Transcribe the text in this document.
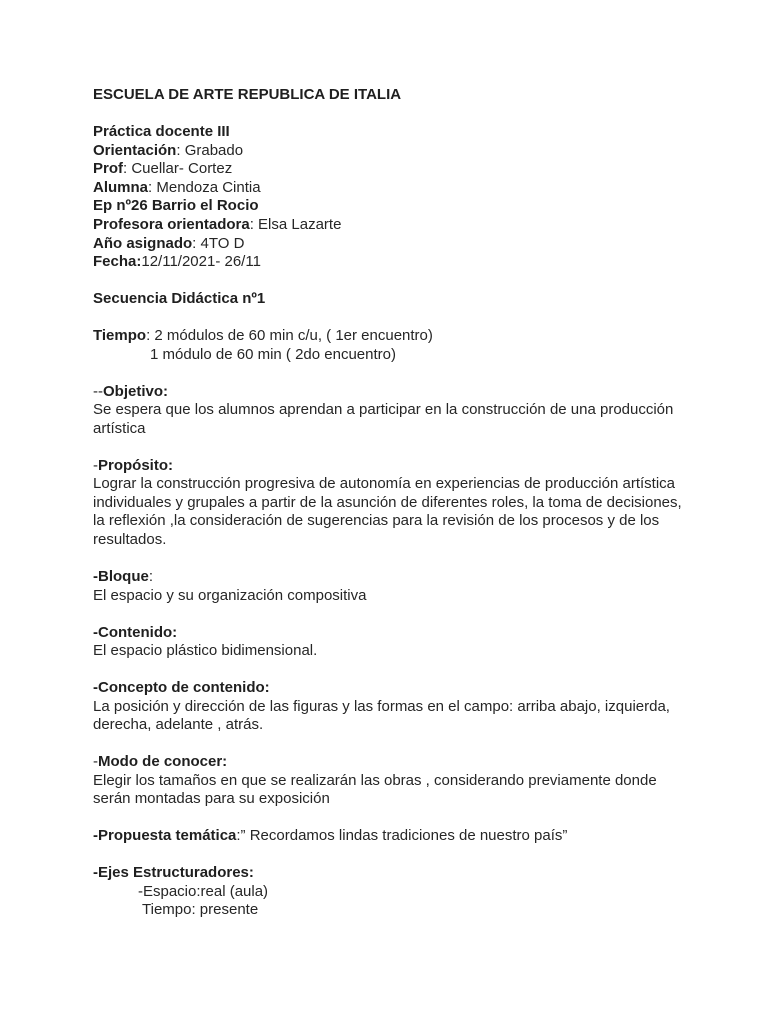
ESCUELA DE ARTE REPUBLICA DE ITALIA

Práctica docente III

Orientación: Grabado

Prof: Cuellar- Cortez

Alumna: Mendoza Cintia

Ep nº26 Barrio el Rocio

Profesora orientadora: Elsa Lazarte

Año asignado: 4TO D

Fecha:12/11/2021- 26/11

Secuencia Didáctica nº1

Tiempo: 2 módulos de 60 min c/u, ( 1er encuentro)

1 módulo de 60 min ( 2do encuentro)

--Objetivo:

Se espera que los alumnos aprendan a participar en la construcción de una producción

artística

-Propósito:

Lograr la construcción progresiva de autonomía en experiencias de producción artística

individuales y grupales a partir de la asunción de diferentes roles, la toma de decisiones,

la reflexión ,la consideración de sugerencias para la revisión de los procesos y de los

resultados.

-Bloque:

El espacio y su organización compositiva

-Contenido:

El espacio plástico bidimensional.

-Concepto de contenido:

La posición y dirección de las figuras y las formas en el campo: arriba abajo, izquierda,

derecha, adelante , atrás.

-Modo de conocer:

Elegir los tamaños en que se realizarán las obras , considerando previamente donde

serán montadas para su exposición

-Propuesta temática:” Recordamos lindas tradiciones de nuestro país”

-Ejes Estructuradores:

-Espacio:real (aula)

Tiempo: presente
